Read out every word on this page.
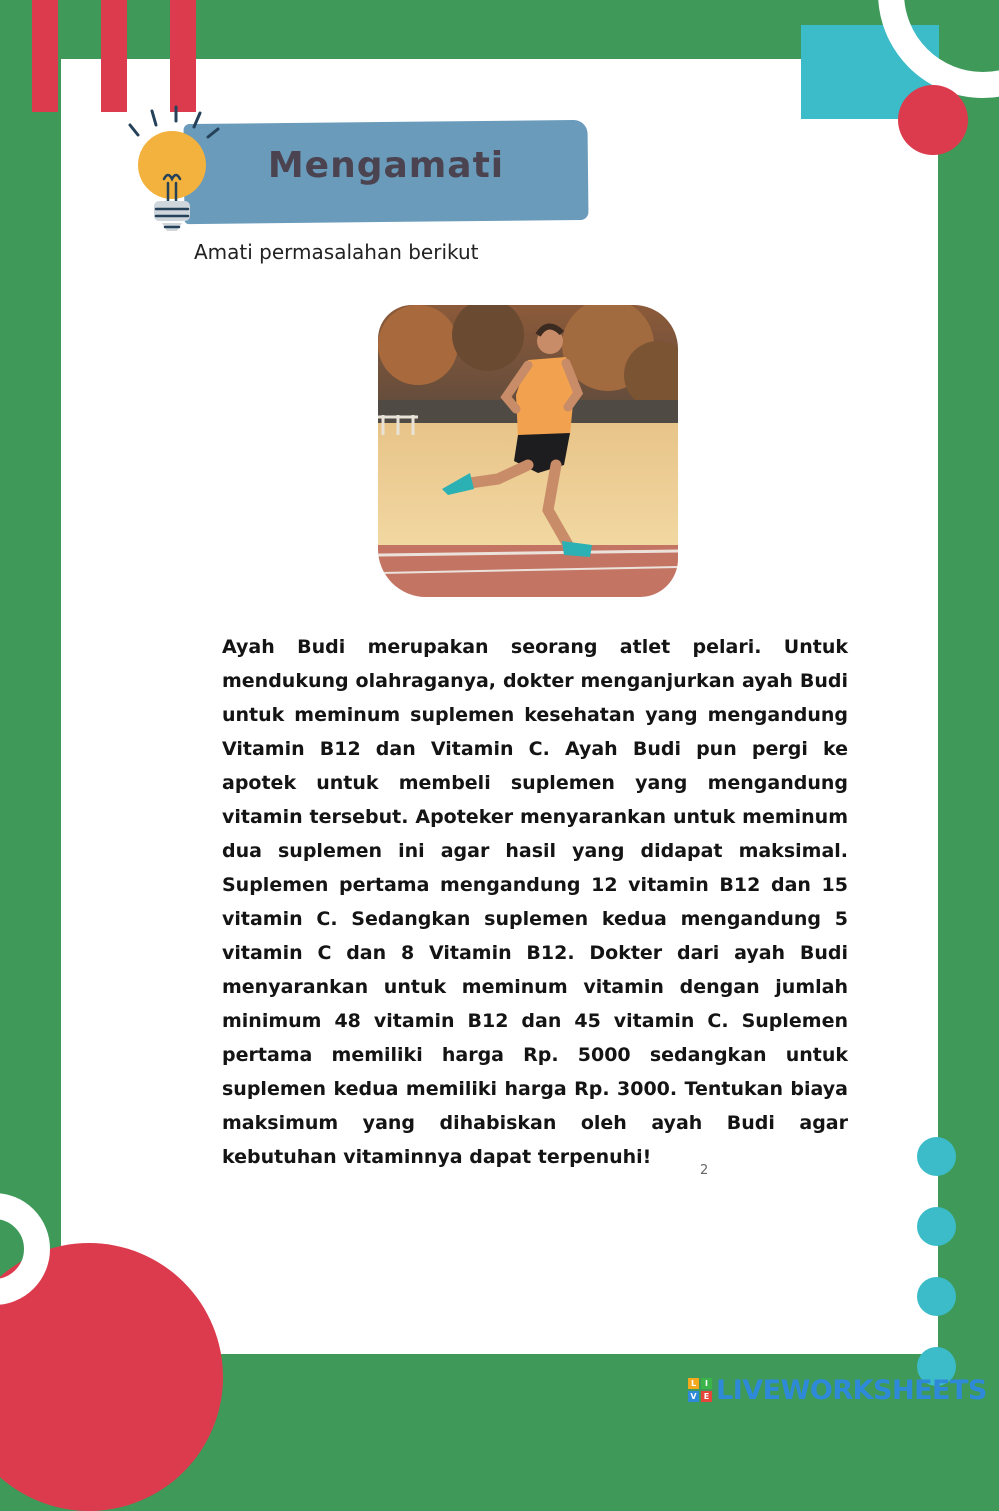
Mengamati
Amati permasalahan berikut
Ayah Budi merupakan seorang atlet pelari. Untuk mendukung olahraganya, dokter menganjurkan ayah Budi untuk meminum suplemen kesehatan yang mengandung Vitamin B12 dan Vitamin C. Ayah Budi pun pergi ke apotek untuk membeli suplemen yang mengandung vitamin tersebut. Apoteker menyarankan untuk meminum dua suplemen ini agar hasil yang didapat maksimal. Suplemen pertama mengandung 12 vitamin B12 dan 15 vitamin C. Sedangkan suplemen kedua mengandung 5 vitamin C dan 8 Vitamin B12. Dokter dari ayah Budi menyarankan untuk meminum vitamin dengan jumlah minimum 48 vitamin B12 dan 45 vitamin C. Suplemen pertama memiliki harga Rp. 5000 sedangkan untuk suplemen kedua memiliki harga Rp. 3000. Tentukan biaya maksimum yang dihabiskan oleh ayah Budi agar kebutuhan vitaminnya dapat terpenuhi!
2
L	I
V E LIVEWORKSHEETS
